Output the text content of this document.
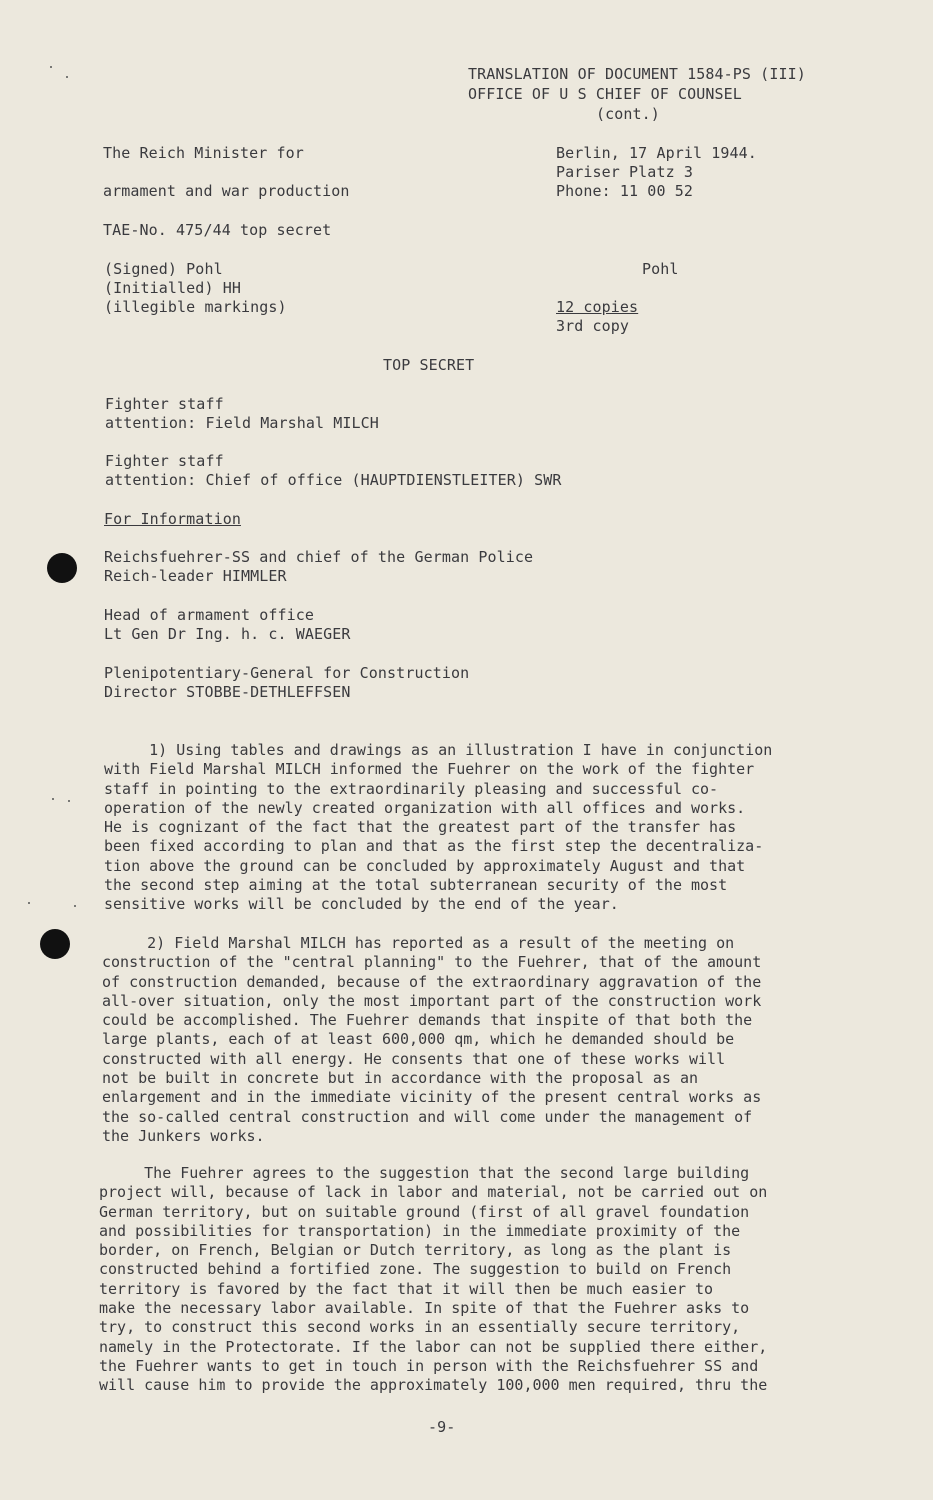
TRANSLATION OF DOCUMENT 1584-PS (III)
OFFICE OF U S CHIEF OF COUNSEL
(cont.)
The Reich Minister for
armament and war production
TAE-No. 475/44 top secret
Berlin, 17 April 1944.
Pariser Platz 3
Phone: 11 00 52
(Signed) Pohl
(Initialled) HH
(illegible markings)
Pohl
12 copies
3rd copy
TOP SECRET
Fighter staff
attention: Field Marshal MILCH
Fighter staff
attention: Chief of office (HAUPTDIENSTLEITER) SWR
For Information
Reichsfuehrer-SS and chief of the German Police
Reich-leader HIMMLER
Head of armament office
Lt Gen Dr Ing. h. c. WAEGER
Plenipotentiary-General for Construction
Director STOBBE-DETHLEFFSEN
1) Using tables and drawings as an illustration I have in conjunction
with Field Marshal MILCH informed the Fuehrer on the work of the fighter
staff in pointing to the extraordinarily pleasing and successful co-
operation of the newly created organization with all offices and works.
He is cognizant of the fact that the greatest part of the transfer has
been fixed according to plan and that as the first step the decentraliza-
tion above the ground can be concluded by approximately August and that
the second step aiming at the total subterranean security of the most
sensitive works will be concluded by the end of the year.
2) Field Marshal MILCH has reported as a result of the meeting on
construction of the "central planning" to the Fuehrer, that of the amount
of construction demanded, because of the extraordinary aggravation of the
all-over situation, only the most important part of the construction work
could be accomplished. The Fuehrer demands that inspite of that both the
large plants, each of at least 600,000 qm, which he demanded should be
constructed with all energy. He consents that one of these works will
not be built in concrete but in accordance with the proposal as an
enlargement and in the immediate vicinity of the present central works as
the so-called central construction and will come under the management of
the Junkers works.
The Fuehrer agrees to the suggestion that the second large building
project will, because of lack in labor and material, not be carried out on
German territory, but on suitable ground (first of all gravel foundation
and possibilities for transportation) in the immediate proximity of the
border, on French, Belgian or Dutch territory, as long as the plant is
constructed behind a fortified zone. The suggestion to build on French
territory is favored by the fact that it will then be much easier to
make the necessary labor available. In spite of that the Fuehrer asks to
try, to construct this second works in an essentially secure territory,
namely in the Protectorate. If the labor can not be supplied there either,
the Fuehrer wants to get in touch in person with the Reichsfuehrer SS and
will cause him to provide the approximately 100,000 men required, thru the
-9-
